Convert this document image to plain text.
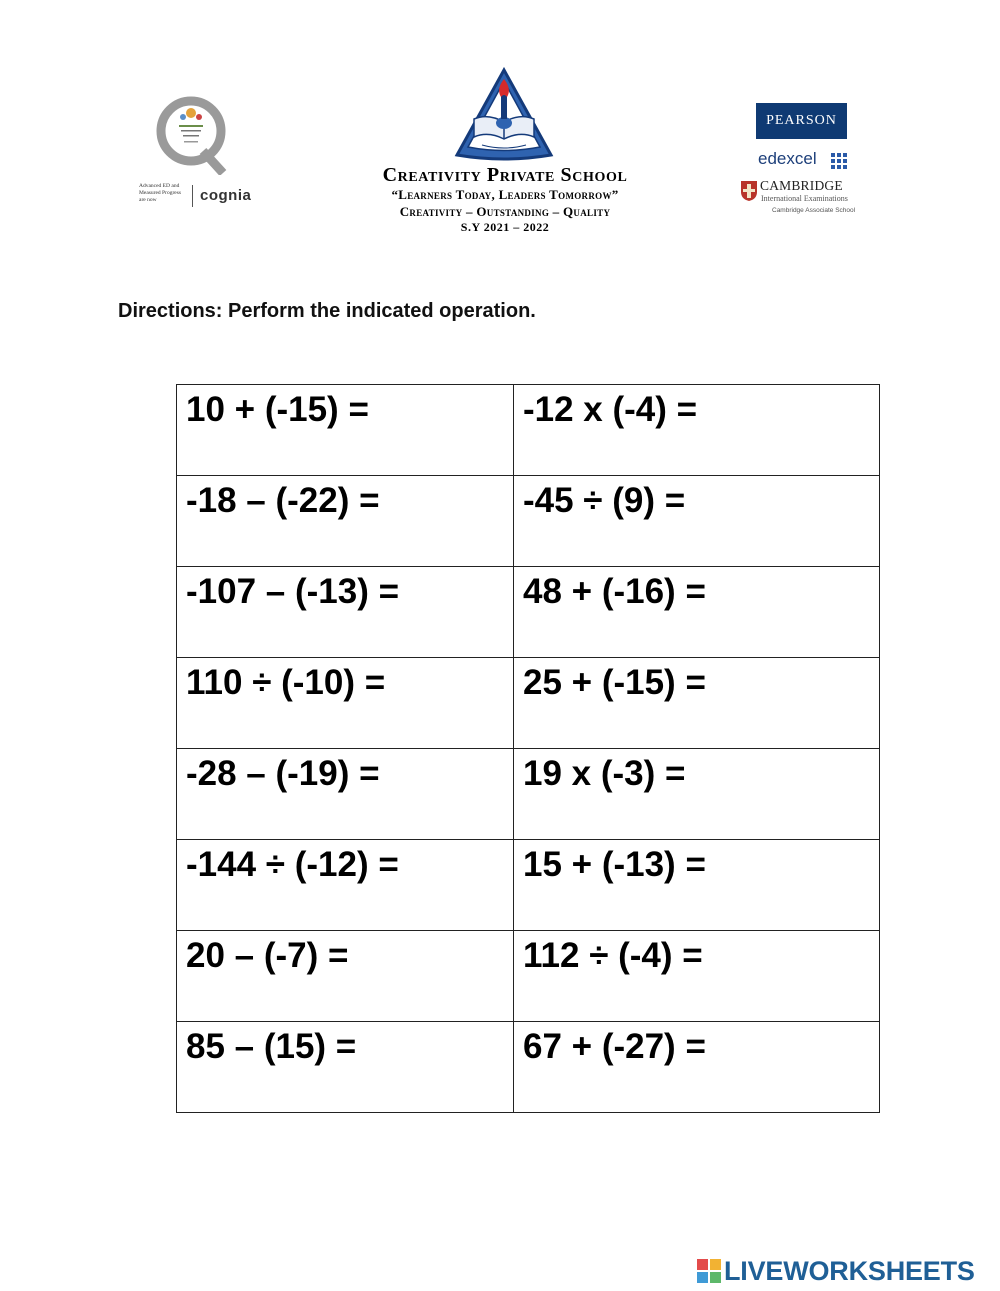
Advanced ED and Measured Progress are now	cognia
Creativity Private School
“Learners Today, Leaders Tomorrow”
Creativity – Outstanding – Quality
S.Y 2021 – 2022
PEARSON
edexcel
CAMBRIDGE
International Examinations
Cambridge Associate School
Directions: Perform the indicated operation.
10 + (-15) =	-12 x (-4) =

-18 – (-22) =	-45 ÷ (9) =

-107 – (-13) =	48 + (-16) =

110 ÷ (-10) =	25 + (-15) =

-28 – (-19) =	19 x (-3) =

-144 ÷ (-12) =	15 + (-13) =

20 – (-7) =	112 ÷ (-4) =

85 – (15) =	67 + (-27) =
LIVEWORKSHEETS
